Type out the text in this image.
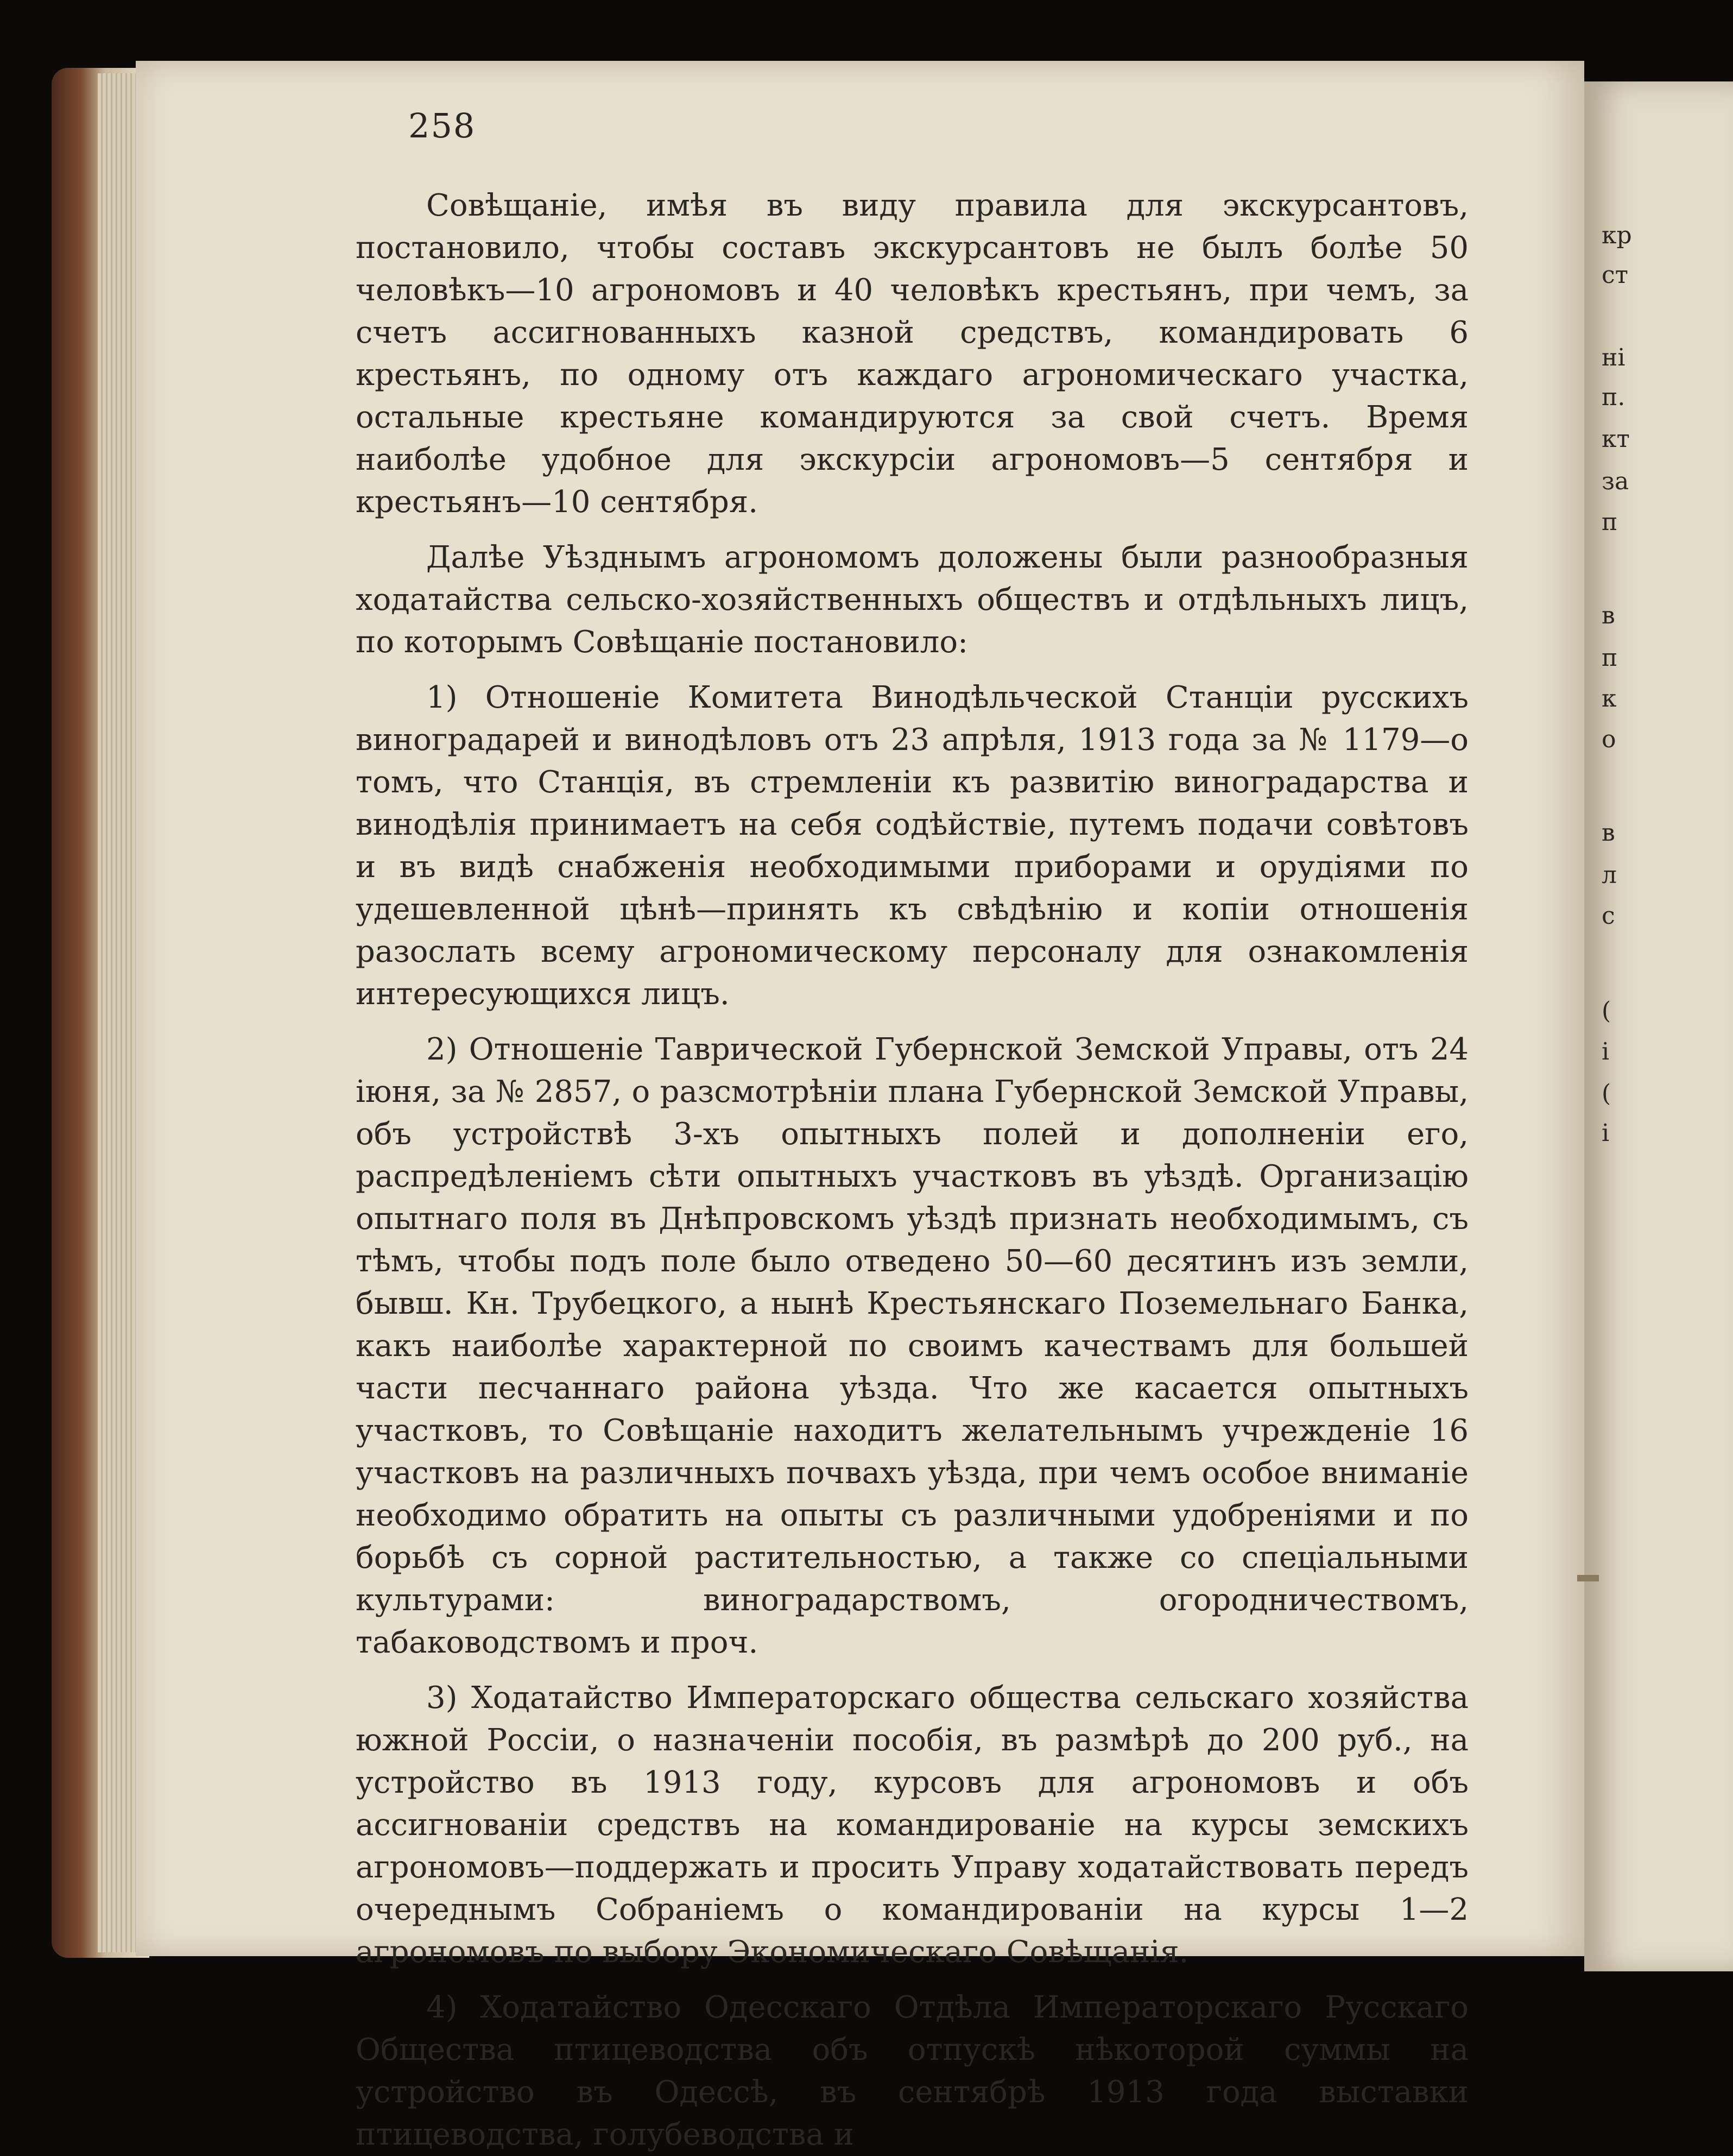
кр
ст
ні
п.
кт
за
п
в
п
к
о
в
л
с
(
і
(
і
258

Совѣщаніе, имѣя въ виду правила для экскурсантовъ, постановило, чтобы составъ экскурсантовъ не былъ болѣе 50 человѣкъ—10 агрономовъ и 40 человѣкъ крестьянъ, при чемъ, за счетъ ассигнованныхъ казной средствъ, командировать 6 крестьянъ, по одному отъ каждаго агрономическаго участка, остальные крестьяне командируются за свой счетъ. Время наиболѣе удобное для экскурсіи агрономовъ—5 сентября и крестьянъ—10 сентября.

Далѣе Уѣзднымъ агрономомъ доложены были разнообразныя ходатайства сельско-хозяйственныхъ обществъ и отдѣльныхъ лицъ, по которымъ Совѣщаніе постановило:

1) Отношеніе Комитета Винодѣльческой Станціи русскихъ виноградарей и винодѣловъ отъ 23 апрѣля, 1913 года за № 1179—о томъ, что Станція, въ стремленіи къ развитію виноградарства и винодѣлія принимаетъ на себя содѣйствіе, путемъ подачи совѣтовъ и въ видѣ снабженія необходимыми приборами и орудіями по удешевленной цѣнѣ—принять къ свѣдѣнію и копіи отношенія разослать всему агрономическому персоналу для ознакомленія интересующихся лицъ.

2) Отношеніе Таврической Губернской Земской Управы, отъ 24 іюня, за № 2857, о разсмотрѣніи плана Губернской Земской Управы, объ устройствѣ 3-хъ опытныхъ полей и дополненіи его, распредѣленіемъ сѣти опытныхъ участковъ въ уѣздѣ. Организацію опытнаго поля въ Днѣпровскомъ уѣздѣ признать необходимымъ, съ тѣмъ, чтобы подъ поле было отведено 50—60 десятинъ изъ земли, бывш. Кн. Трубецкого, а нынѣ Крестьянскаго Поземельнаго Банка, какъ наиболѣе характерной по своимъ качествамъ для большей части песчаннаго района уѣзда. Что же касается опытныхъ участковъ, то Совѣщаніе находитъ желательнымъ учрежденіе 16 участковъ на различныхъ почвахъ уѣзда, при чемъ особое вниманіе необходимо обратить на опыты съ различными удобреніями и по борьбѣ съ сорной растительностью, а также со спеціальными культурами: виноградарствомъ, огородничествомъ, табаководствомъ и проч.

3) Ходатайство Императорскаго общества сельскаго хозяйства южной Россіи, о назначеніи пособія, въ размѣрѣ до 200 руб., на устройство въ 1913 году, курсовъ для агрономовъ и объ ассигнованіи средствъ на командированіе на курсы земскихъ агрономовъ—поддержать и просить Управу ходатайствовать передъ очереднымъ Собраніемъ о командированіи на курсы 1—2 агрономовъ по выбору Экономическаго Совѣщанія.

4) Ходатайство Одесскаго Отдѣла Императорскаго Русскаго Общества птицеводства объ отпускѣ нѣкоторой суммы на устройство въ Одессѣ, въ сентябрѣ 1913 года выставки птицеводства, голубеводства и
